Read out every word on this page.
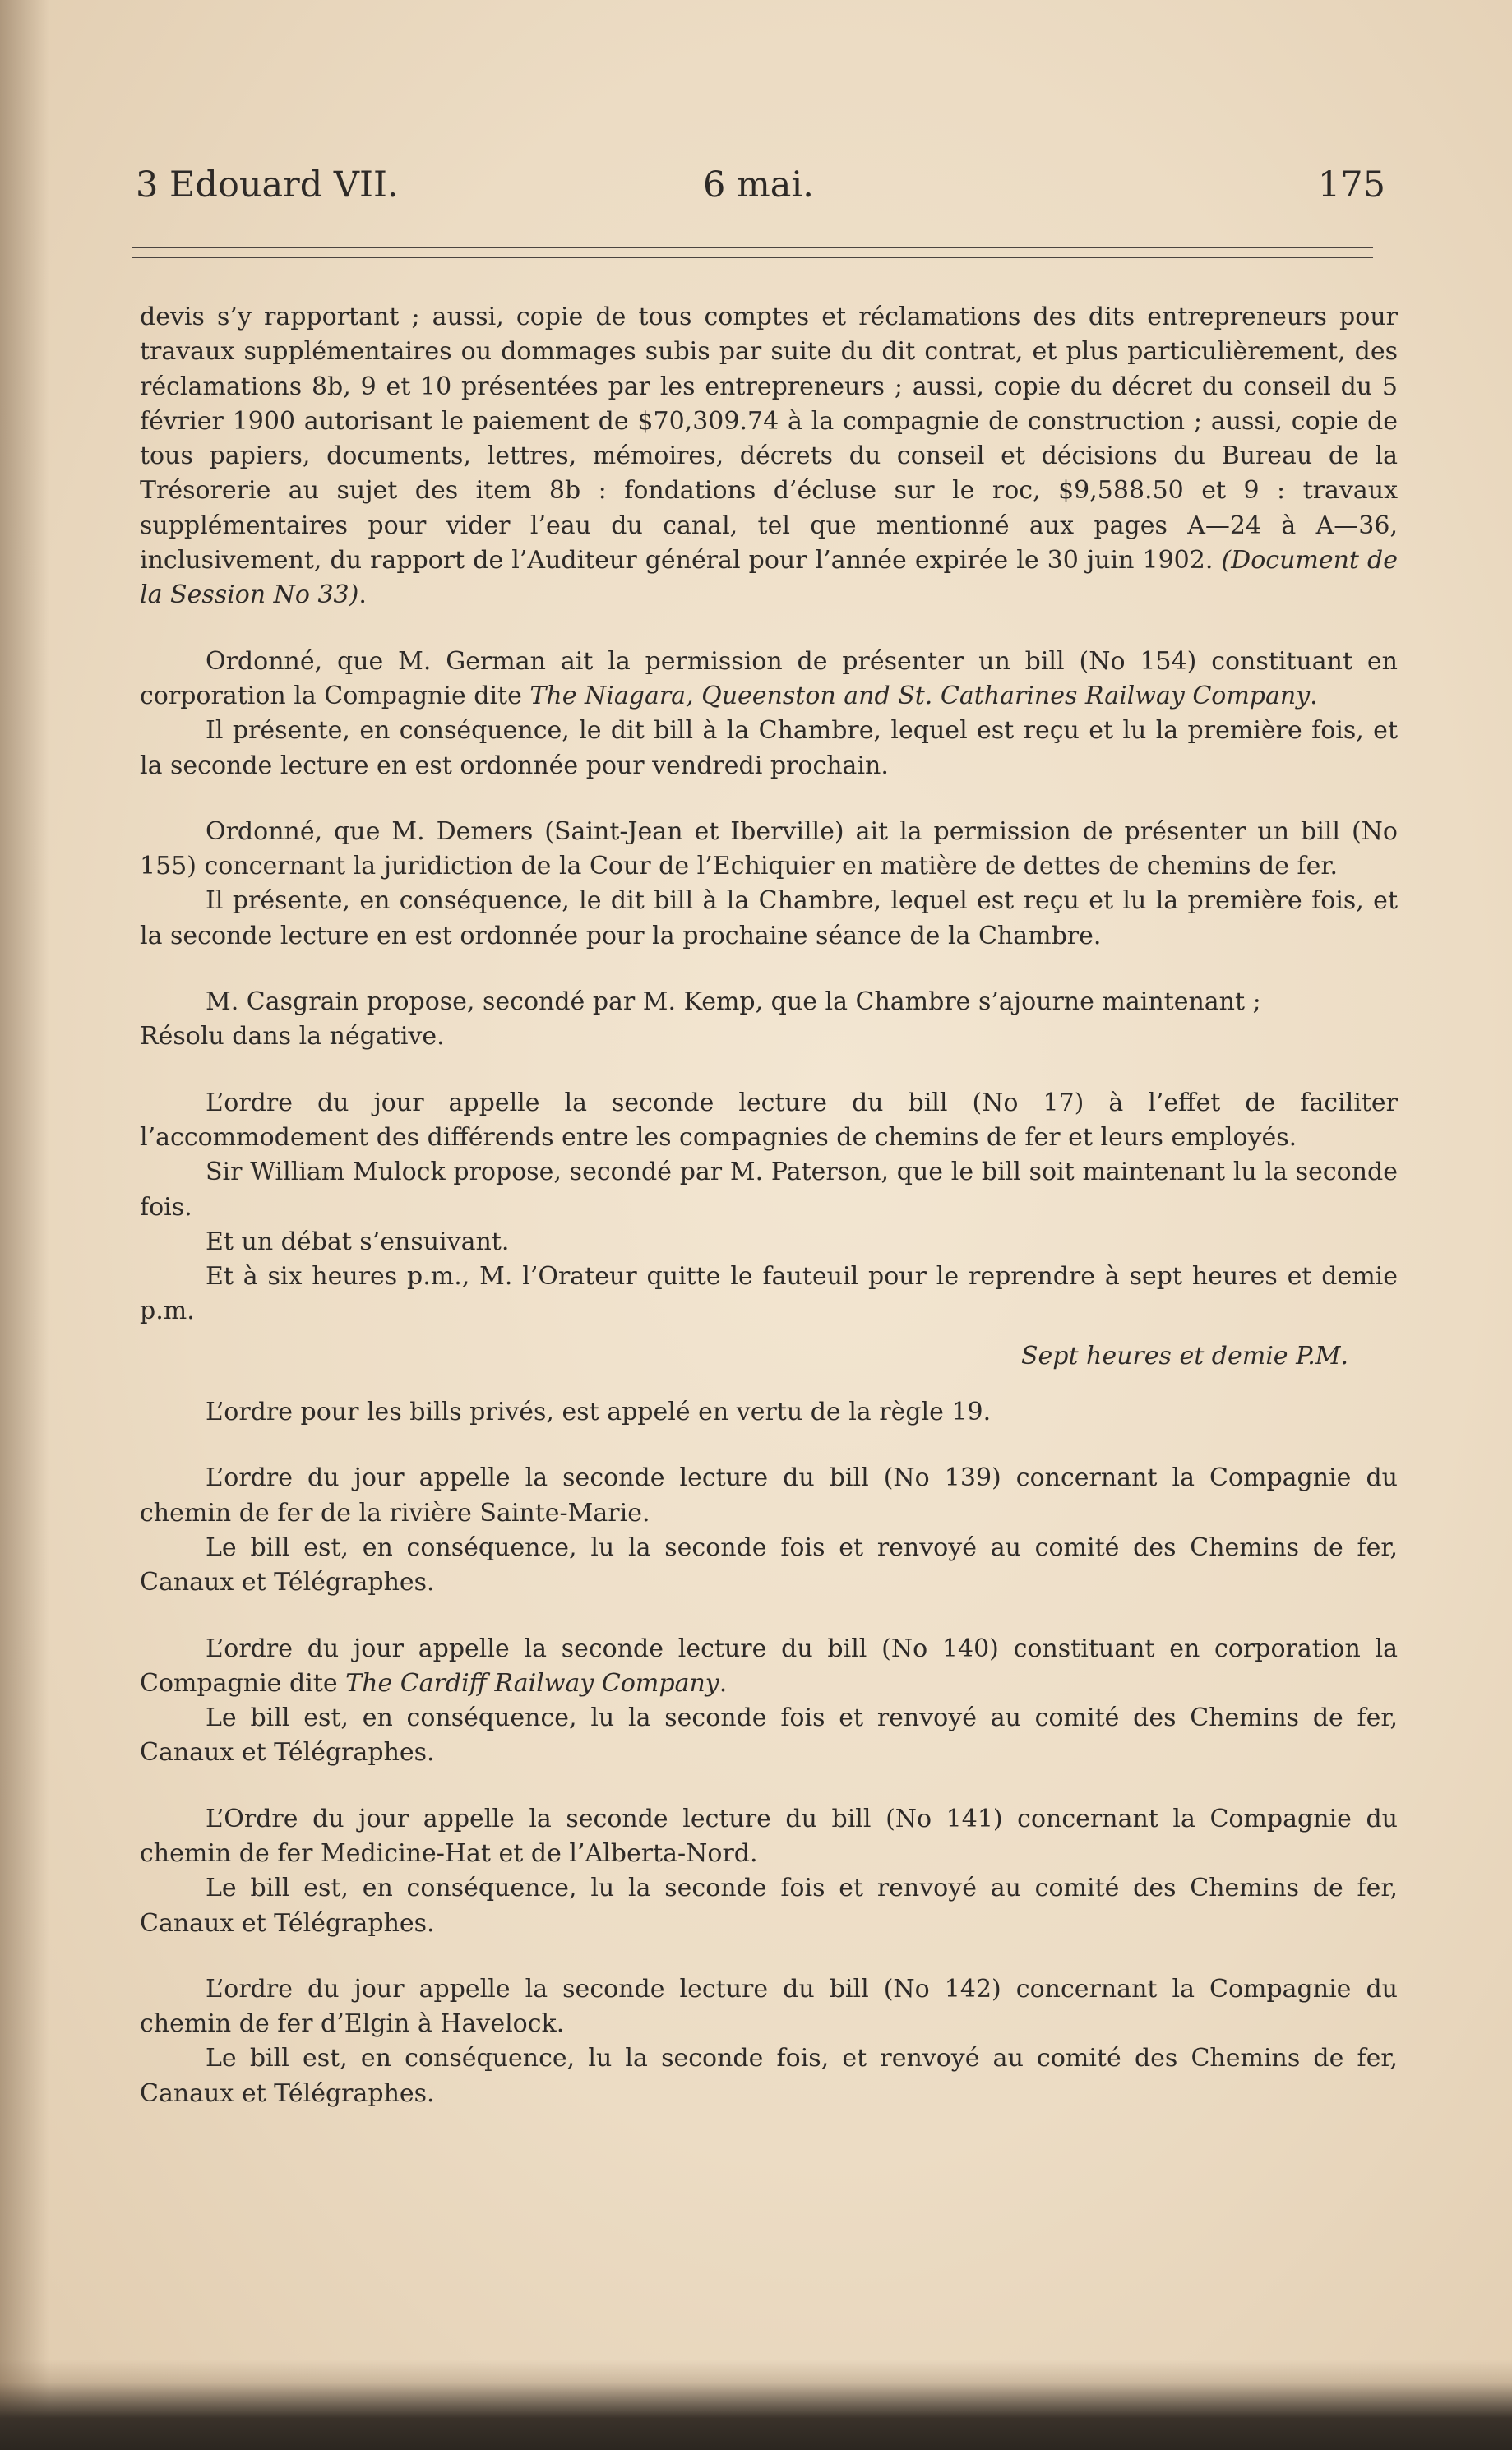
3 Edouard VII.	6 mai.	175

devis s’y rapportant ; aussi, copie de tous comptes et réclamations des dits entrepreneurs pour travaux supplémentaires ou dommages subis par suite du dit contrat, et plus particulièrement, des réclamations 8b, 9 et 10 présentées par les entrepreneurs ; aussi, copie du décret du conseil du 5 février 1900 autorisant le paiement de $70,309.74 à la compagnie de construction ; aussi, copie de tous papiers, documents, lettres, mémoires, décrets du conseil et décisions du Bureau de la Trésorerie au sujet des item 8b : fondations d’écluse sur le roc, $9,588.50 et 9 : travaux supplémentaires pour vider l’eau du canal, tel que mentionné aux pages A—24 à A—36, inclusivement, du rapport de l’Auditeur général pour l’année expirée le 30 juin 1902. (Document de la Session No 33).

Ordonné, que M. German ait la permission de présenter un bill (No 154) constituant en corporation la Compagnie dite The Niagara, Queenston and St. Catharines Railway Company.

Il présente, en conséquence, le dit bill à la Chambre, lequel est reçu et lu la première fois, et la seconde lecture en est ordonnée pour vendredi prochain.

Ordonné, que M. Demers (Saint-Jean et Iberville) ait la permission de présenter un bill (No 155) concernant la juridiction de la Cour de l’Echiquier en matière de dettes de chemins de fer.

Il présente, en conséquence, le dit bill à la Chambre, lequel est reçu et lu la première fois, et la seconde lecture en est ordonnée pour la prochaine séance de la Chambre.

M. Casgrain propose, secondé par M. Kemp, que la Chambre s’ajourne maintenant ;

Résolu dans la négative.

L’ordre du jour appelle la seconde lecture du bill (No 17) à l’effet de faciliter l’accommodement des différends entre les compagnies de chemins de fer et leurs employés.

Sir William Mulock propose, secondé par M. Paterson, que le bill soit maintenant lu la seconde fois.

Et un débat s’ensuivant.

Et à six heures p.m., M. l’Orateur quitte le fauteuil pour le reprendre à sept heures et demie p.m.

Sept heures et demie P.M.

L’ordre pour les bills privés, est appelé en vertu de la règle 19.

L’ordre du jour appelle la seconde lecture du bill (No 139) concernant la Compagnie du chemin de fer de la rivière Sainte-Marie.

Le bill est, en conséquence, lu la seconde fois et renvoyé au comité des Chemins de fer, Canaux et Télégraphes.

L’ordre du jour appelle la seconde lecture du bill (No 140) constituant en corporation la Compagnie dite The Cardiff Railway Company.

Le bill est, en conséquence, lu la seconde fois et renvoyé au comité des Chemins de fer, Canaux et Télégraphes.

L’Ordre du jour appelle la seconde lecture du bill (No 141) concernant la Compagnie du chemin de fer Medicine-Hat et de l’Alberta-Nord.

Le bill est, en conséquence, lu la seconde fois et renvoyé au comité des Chemins de fer, Canaux et Télégraphes.

L’ordre du jour appelle la seconde lecture du bill (No 142) concernant la Compagnie du chemin de fer d’Elgin à Havelock.

Le bill est, en conséquence, lu la seconde fois, et renvoyé au comité des Chemins de fer, Canaux et Télégraphes.
